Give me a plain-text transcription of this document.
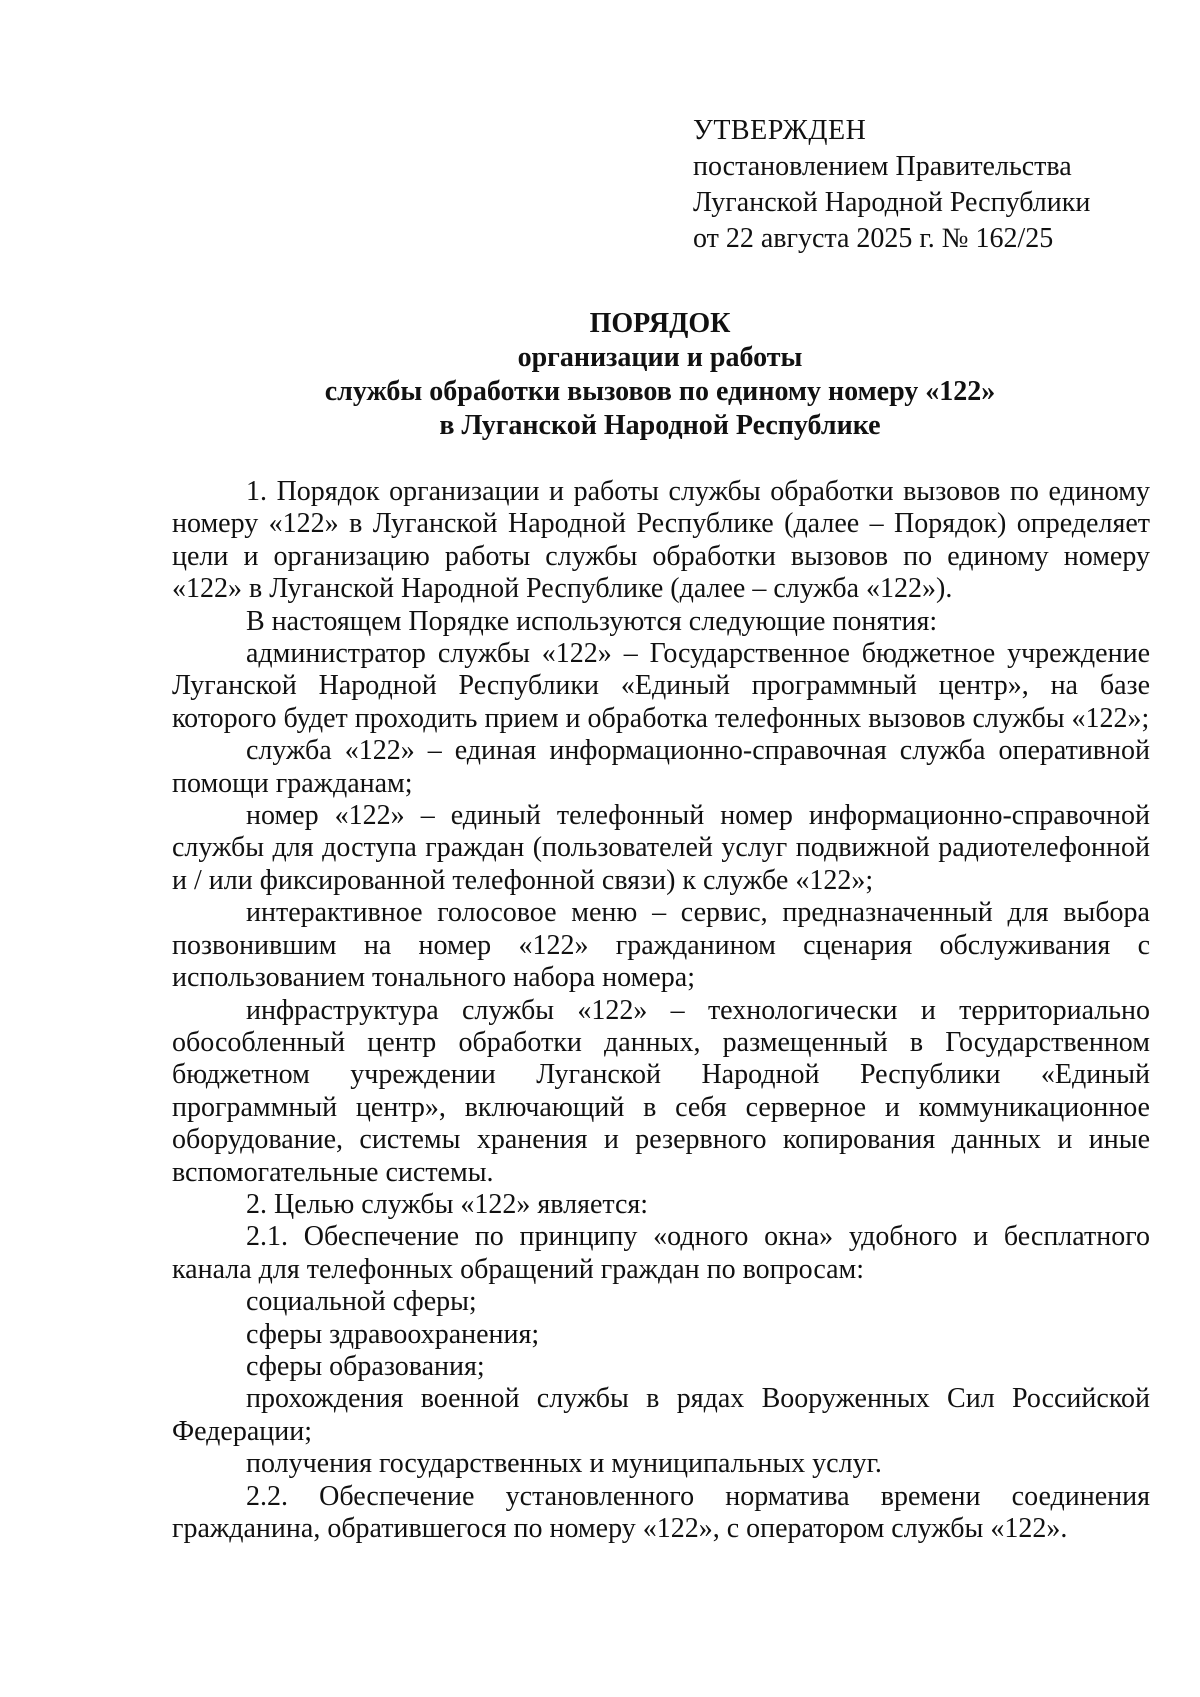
УТВЕРЖДЕН
постановлением Правительства
Луганской Народной Республики
от 22 августа 2025 г. № 162/25
ПОРЯДОК
организации и работы
службы обработки вызовов по единому номеру «122»
в Луганской Народной Республике

1. Порядок организации и работы службы обработки вызовов по единому номеру «122» в Луганской Народной Республике (далее – Порядок) определяет цели и организацию работы службы обработки вызовов по единому номеру «122» в Луганской Народной Республике (далее – служба «122»).

В настоящем Порядке используются следующие понятия:

администратор службы «122» – Государственное бюджетное учреждение Луганской Народной Республики «Единый программный центр», на базе которого будет проходить прием и обработка телефонных вызовов службы «122»;

служба «122» – единая информационно-справочная служба оперативной помощи гражданам;

номер «122» – единый телефонный номер информационно-справочной службы для доступа граждан (пользователей услуг подвижной радиотелефонной и / или фиксированной телефонной связи) к службе «122»;

интерактивное голосовое меню – сервис, предназначенный для выбора позвонившим на номер «122» гражданином сценария обслуживания с использованием тонального набора номера;

инфраструктура службы «122» – технологически и территориально обособленный центр обработки данных, размещенный в Государственном бюджетном учреждении Луганской Народной Республики «Единый программный центр», включающий в себя серверное и коммуникационное оборудование, системы хранения и резервного копирования данных и иные вспомогательные системы.

2. Целью службы «122» является:

2.1. Обеспечение по принципу «одного окна» удобного и бесплатного канала для телефонных обращений граждан по вопросам:

социальной сферы;

сферы здравоохранения;

сферы образования;

прохождения военной службы в рядах Вооруженных Сил Российской Федерации;

получения государственных и муниципальных услуг.

2.2. Обеспечение установленного норматива времени соединения гражданина, обратившегося по номеру «122», с оператором службы «122».
